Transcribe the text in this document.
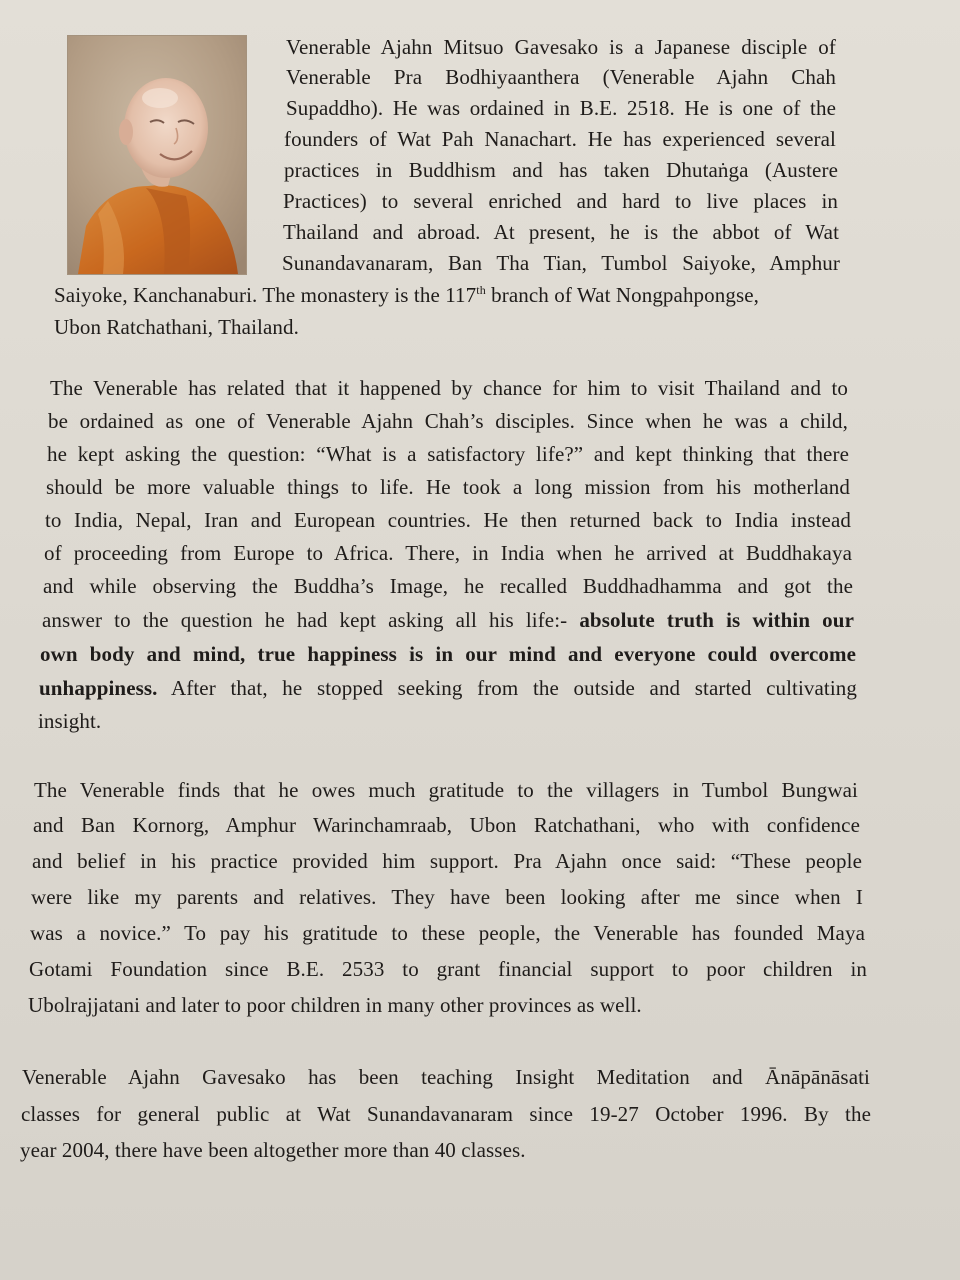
Venerable Ajahn Mitsuo Gavesako is a Japanese disciple of
Venerable Pra Bodhiyaanthera (Venerable Ajahn Chah
Supaddho). He was ordained in B.E. 2518. He is one of the
founders of Wat Pah Nanachart. He has experienced several
practices in Buddhism and has taken Dhutaṅga (Austere
Practices) to several enriched and hard to live places in
Thailand and abroad. At present, he is the abbot of Wat
Sunandavanaram, Ban Tha Tian, Tumbol Saiyoke, Amphur
Saiyoke, Kanchanaburi. The monastery is the 117th branch of Wat Nongpahpongse,
Ubon Ratchathani, Thailand.
The Venerable has related that it happened by chance for him to visit Thailand and to
be ordained as one of Venerable Ajahn Chah’s disciples. Since when he was a child,
he kept asking the question: “What is a satisfactory life?” and kept thinking that there
should be more valuable things to life. He took a long mission from his motherland
to India, Nepal, Iran and European countries. He then returned back to India instead
of proceeding from Europe to Africa. There, in India when he arrived at Buddhakaya
and while observing the Buddha’s Image, he recalled Buddhadhamma and got the
answer to the question he had kept asking all his life:- absolute truth is within our
own body and mind, true happiness is in our mind and everyone could overcome
unhappiness. After that, he stopped seeking from the outside and started cultivating
insight.
The Venerable finds that he owes much gratitude to the villagers in Tumbol Bungwai
and Ban Kornorg, Amphur Warinchamraab, Ubon Ratchathani, who with confidence
and belief in his practice provided him support. Pra Ajahn once said: “These people
were like my parents and relatives. They have been looking after me since when I
was a novice.” To pay his gratitude to these people, the Venerable has founded Maya
Gotami Foundation since B.E. 2533 to grant financial support to poor children in
Ubolrajjatani and later to poor children in many other provinces as well.
Venerable Ajahn Gavesako has been teaching Insight Meditation and Ānāpānāsati
classes for general public at Wat Sunandavanaram since 19-27 October 1996. By the
year 2004, there have been altogether more than 40 classes.
